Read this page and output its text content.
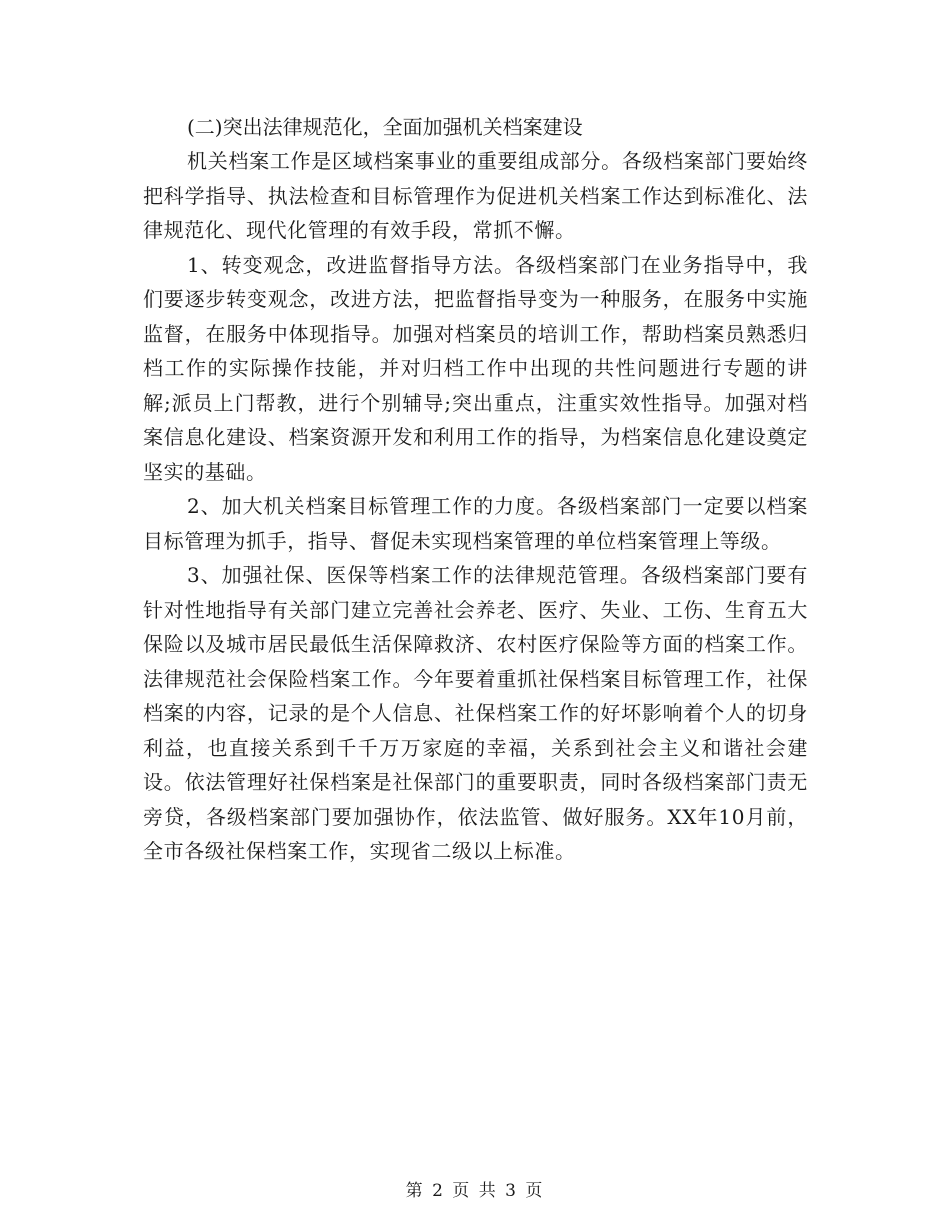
(二)突出法律规范化，全面加强机关档案建设

机关档案工作是区域档案事业的重要组成部分。各级档案部门要始终把科学指导、执法检查和目标管理作为促进机关档案工作达到标准化、法律规范化、现代化管理的有效手段，常抓不懈。

1、转变观念，改进监督指导方法。各级档案部门在业务指导中，我们要逐步转变观念，改进方法，把监督指导变为一种服务，在服务中实施监督，在服务中体现指导。加强对档案员的培训工作，帮助档案员熟悉归档工作的实际操作技能，并对归档工作中出现的共性问题进行专题的讲解;派员上门帮教，进行个别辅导;突出重点，注重实效性指导。加强对档案信息化建设、档案资源开发和利用工作的指导，为档案信息化建设奠定坚实的基础。

2、加大机关档案目标管理工作的力度。各级档案部门一定要以档案目标管理为抓手，指导、督促未实现档案管理的单位档案管理上等级。

3、加强社保、医保等档案工作的法律规范管理。各级档案部门要有针对性地指导有关部门建立完善社会养老、医疗、失业、工伤、生育五大保险以及城市居民最低生活保障救济、农村医疗保险等方面的档案工作。法律规范社会保险档案工作。今年要着重抓社保档案目标管理工作，社保档案的内容，记录的是个人信息、社保档案工作的好坏影响着个人的切身利益，也直接关系到千千万万家庭的幸福，关系到社会主义和谐社会建设。依法管理好社保档案是社保部门的重要职责，同时各级档案部门责无旁贷，各级档案部门要加强协作，依法监管、做好服务。XX年10月前，全市各级社保档案工作，实现省二级以上标准。

第 2 页 共 3 页
